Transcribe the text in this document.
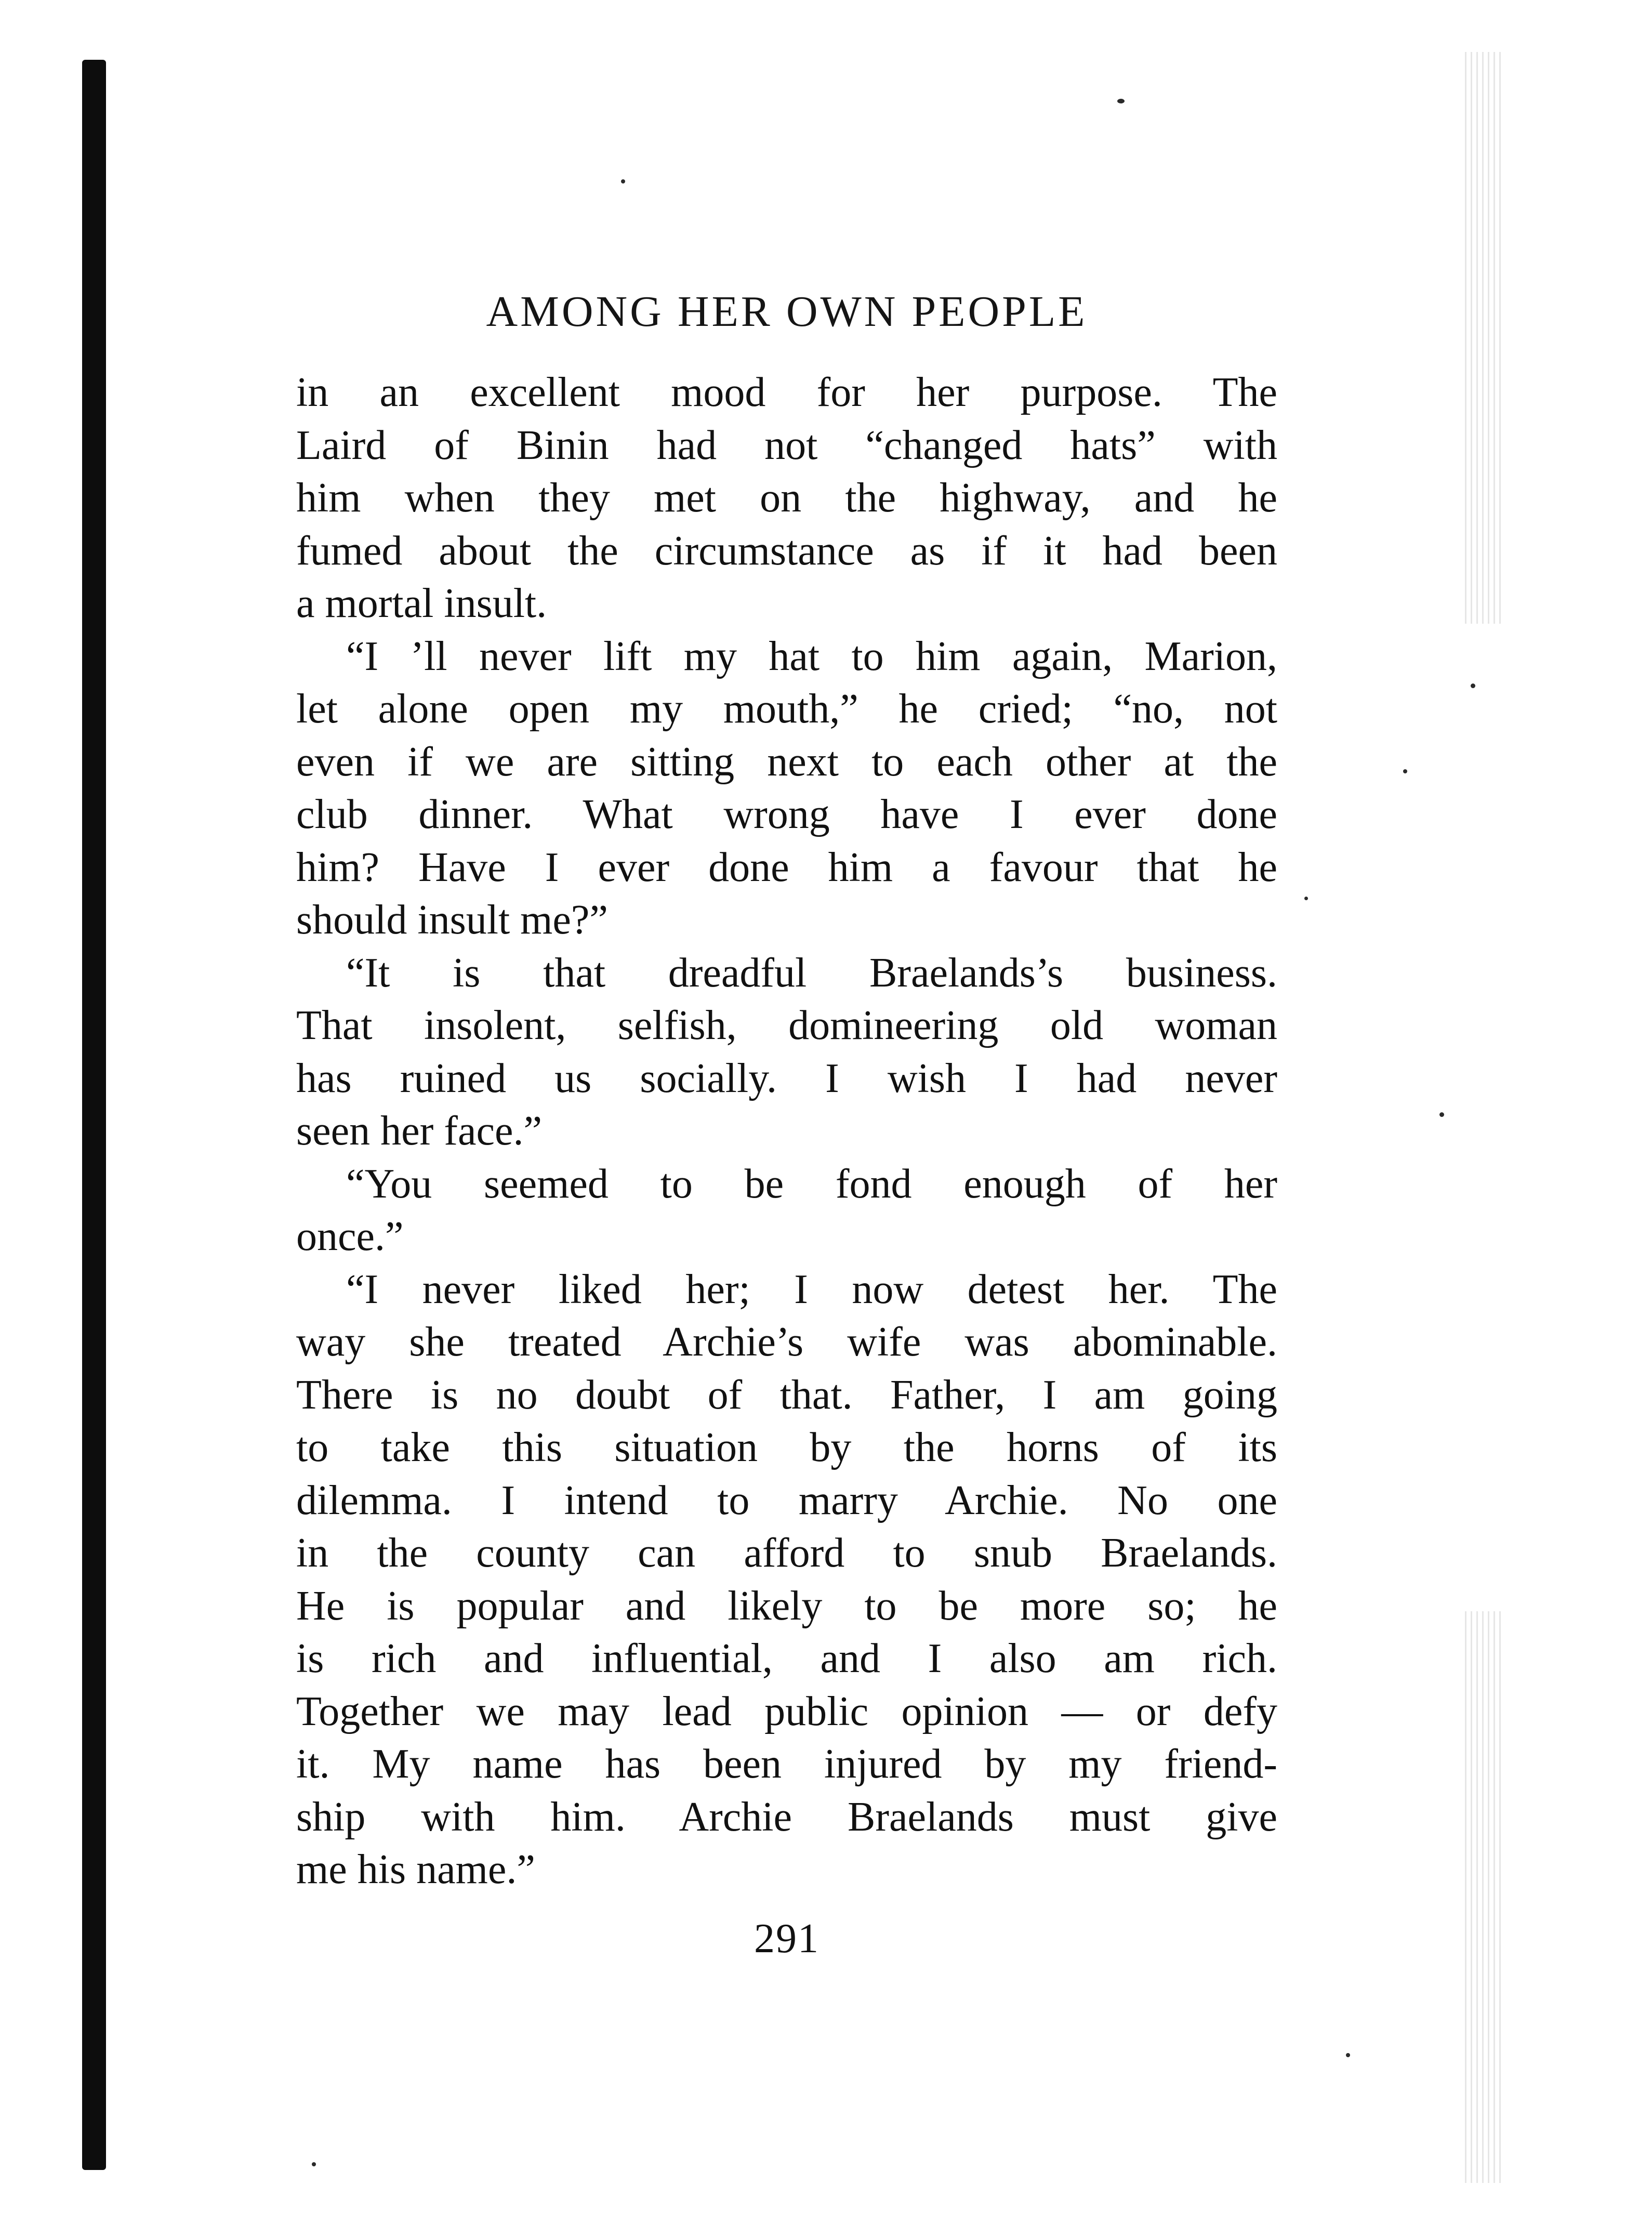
AMONG HER OWN PEOPLE
in an excellent mood for her purpose. The
Laird of Binin had not “changed hats” with
him when they met on the highway, and he
fumed about the circumstance as if it had been
a mortal insult.
“I ’ll never lift my hat to him again, Marion,
let alone open my mouth,” he cried; “no, not
even if we are sitting next to each other at the
club dinner. What wrong have I ever done
him? Have I ever done him a favour that he
should insult me?”
“It is that dreadful Braelands’s business.
That insolent, selfish, domineering old woman
has ruined us socially. I wish I had never
seen her face.”
“You seemed to be fond enough of her
once.”
“I never liked her; I now detest her. The
way she treated Archie’s wife was abominable.
There is no doubt of that. Father, I am going
to take this situation by the horns of its
dilemma. I intend to marry Archie. No one
in the county can afford to snub Braelands.
He is popular and likely to be more so; he
is rich and influential, and I also am rich.
Together we may lead public opinion — or defy
it. My name has been injured by my friend-
ship with him. Archie Braelands must give
me his name.”
291
